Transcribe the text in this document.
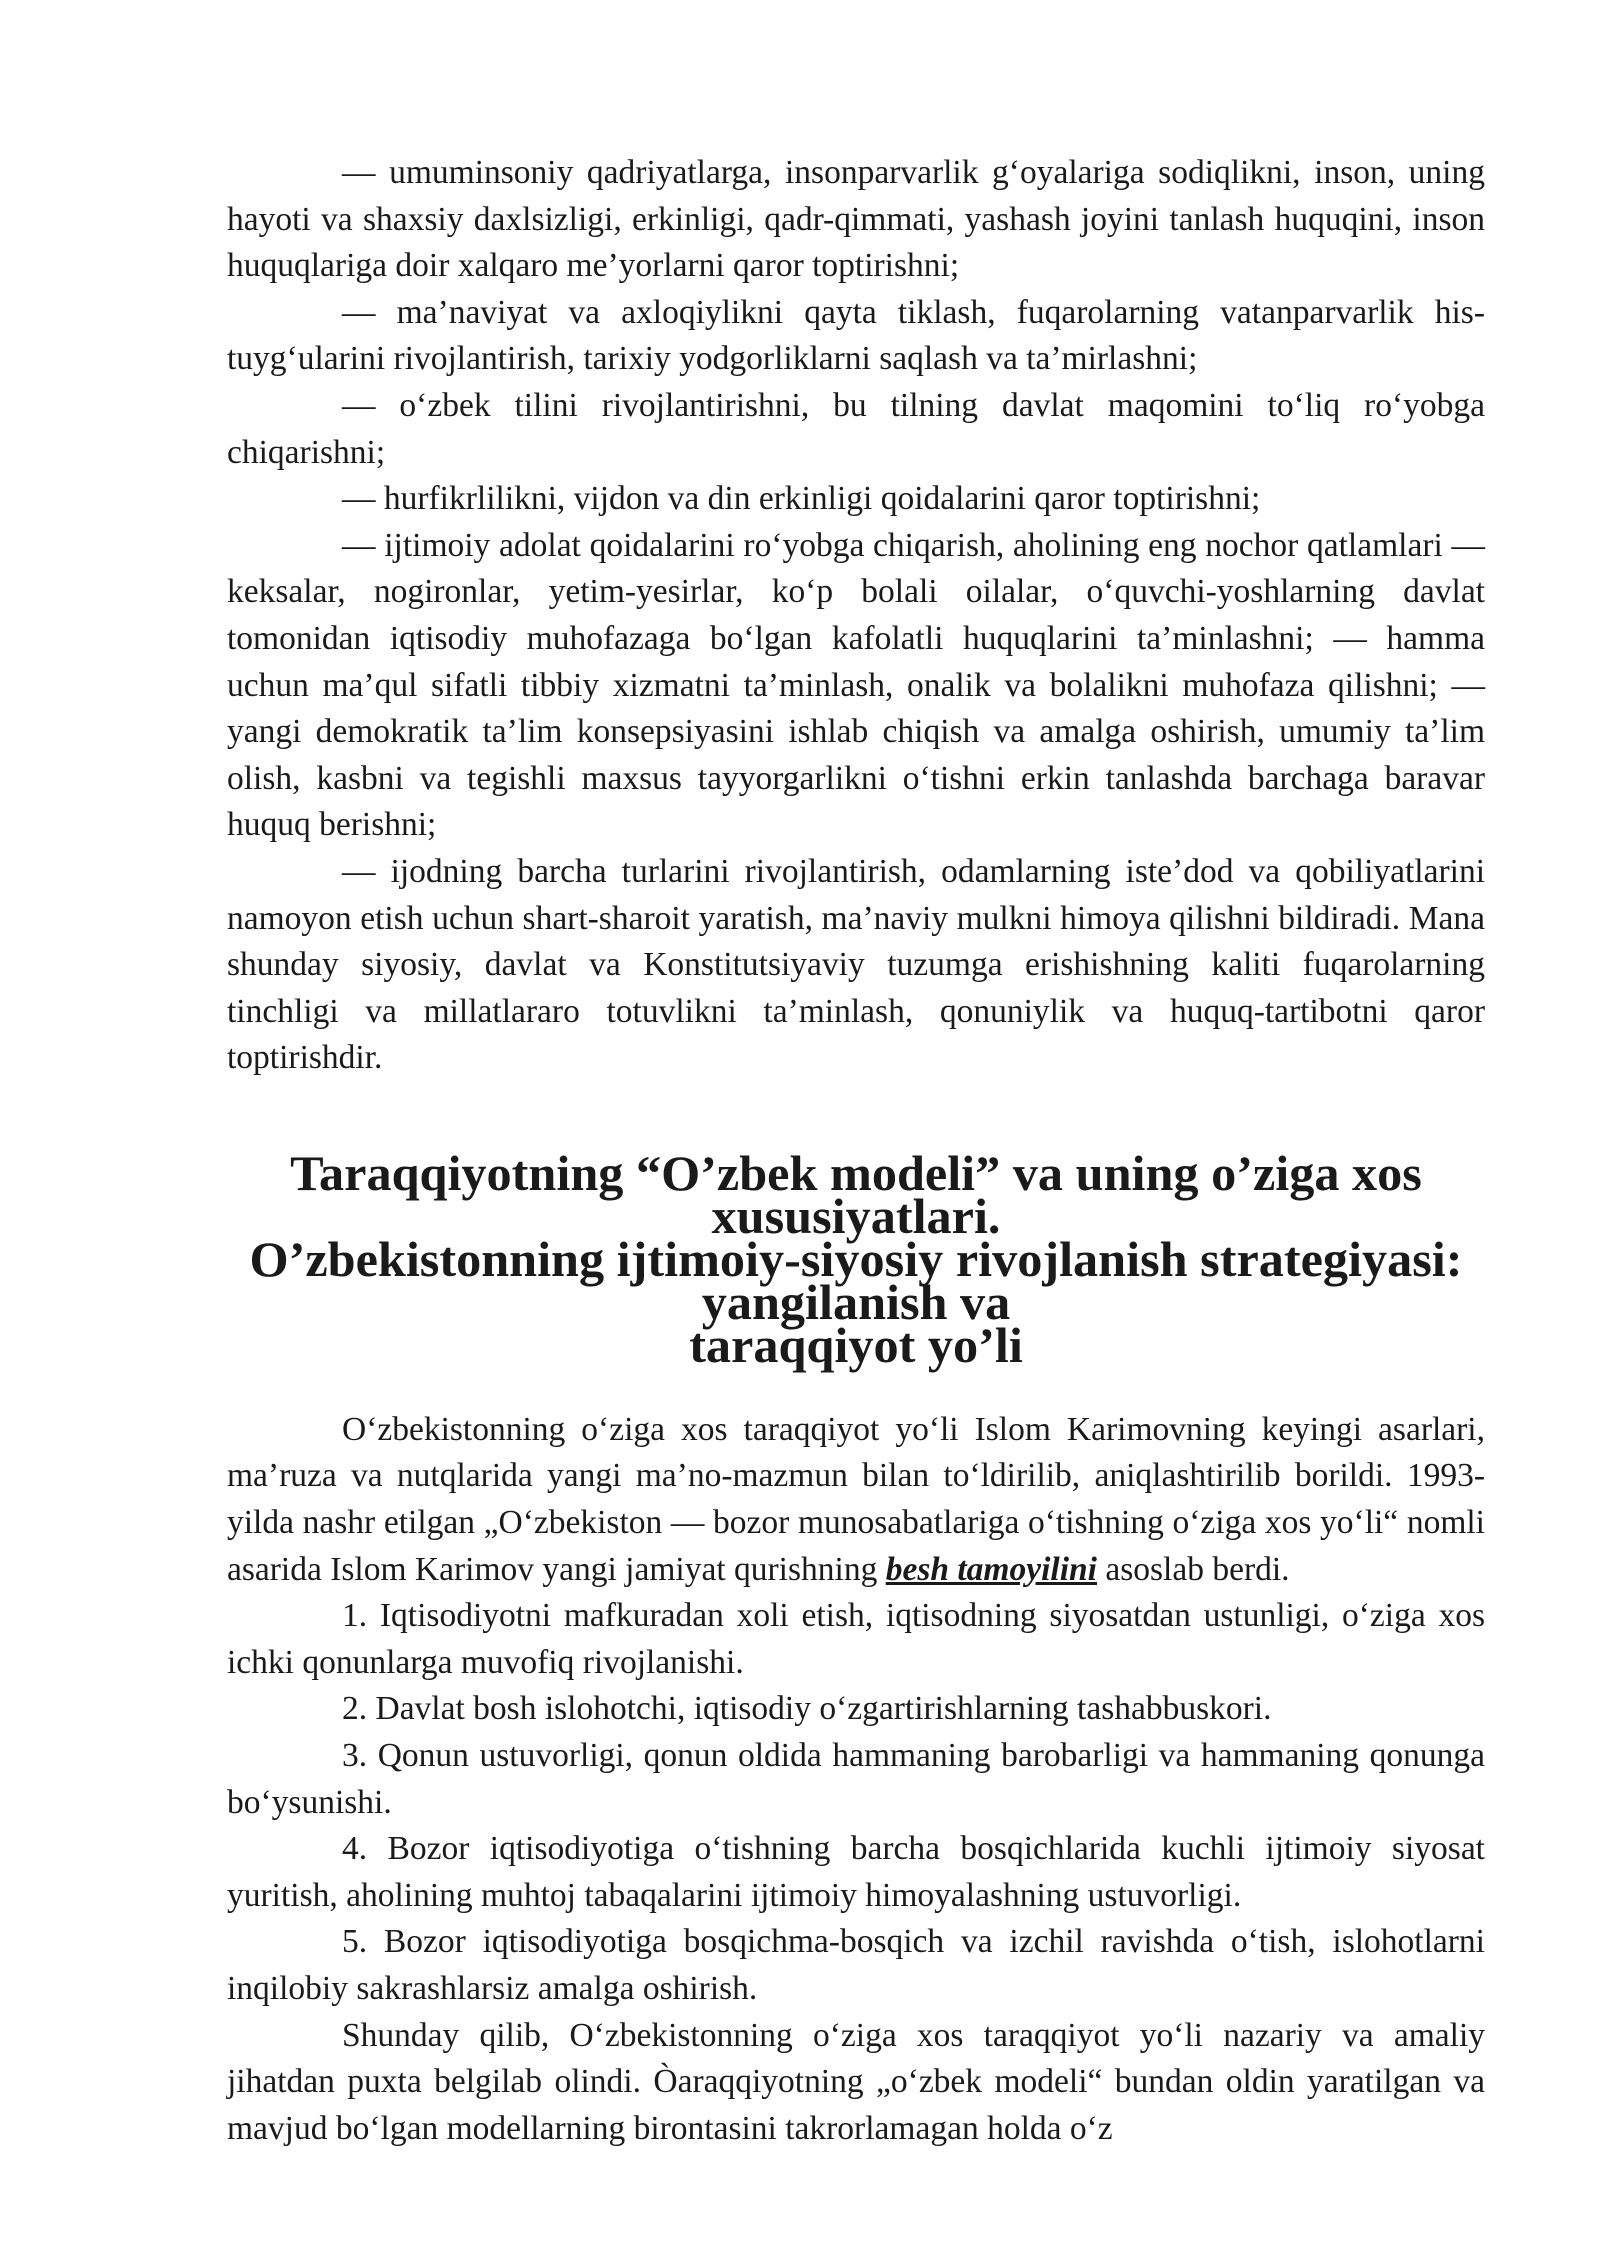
— umuminsoniy qadriyatlarga, insonparvarlik g‘oyalariga sodiqlikni, inson, uning hayoti va shaxsiy daxlsizligi, erkinligi, qadr-qimmati, yashash joyini tanlash huquqini, inson huquqlariga doir xalqaro me’yorlarni qaror toptirishni;

— ma’naviyat va axloqiylikni qayta tiklash, fuqarolarning vatanparvarlik his-tuyg‘ularini rivojlantirish, tarixiy yodgorliklarni saqlash va ta’mirlashni;

— o‘zbek tilini rivojlantirishni, bu tilning davlat maqomini to‘liq ro‘yobga chiqarishni;

— hurfikrlilikni, vijdon va din erkinligi qoidalarini qaror toptirishni;

— ijtimoiy adolat qoidalarini ro‘yobga chiqarish, aholining eng nochor qatlamlari — keksalar, nogironlar, yetim-yesirlar, ko‘p bolali oilalar, o‘quvchi-yoshlarning davlat tomonidan iqtisodiy muhofazaga bo‘lgan kafolatli huquqlarini ta’minlashni; — hamma uchun ma’qul sifatli tibbiy xizmatni ta’minlash, onalik va bolalikni muhofaza qilishni; — yangi demokratik ta’lim konsepsiyasini ishlab chiqish va amalga oshirish, umumiy ta’lim olish, kasbni va tegishli maxsus tayyorgarlikni o‘tishni erkin tanlashda barchaga baravar huquq berishni;

— ijodning barcha turlarini rivojlantirish, odamlarning iste’dod va qobiliyatlarini namoyon etish uchun shart-sharoit yaratish, ma’naviy mulkni himoya qilishni bildiradi. Mana shunday siyosiy, davlat va Konstitutsiyaviy tuzumga erishishning kaliti fuqarolarning tinchligi va millatlararo totuvlikni ta’minlash, qonuniylik va huquq-tartibotni qaror toptirishdir.

Taraqqiyotning “O’zbek modeli” va uning o’ziga xos xususiyatlari.
O’zbekistonning ijtimoiy-siyosiy rivojlanish strategiyasi: yangilanish va
taraqqiyot yo’li

O‘zbekistonning o‘ziga xos taraqqiyot yo‘li Islom Karimovning keyingi asarlari, ma’ruza va nutqlarida yangi ma’no-mazmun bilan to‘ldirilib, aniqlashtirilib borildi. 1993- yilda nashr etilgan „O‘zbekiston — bozor munosabatlariga o‘tishning o‘ziga xos yo‘li“ nomli asarida Islom Karimov yangi jamiyat qurishning besh tamoyilini asoslab berdi.

1. Iqtisodiyotni mafkuradan xoli etish, iqtisodning siyosatdan ustunligi, o‘ziga xos ichki qonunlarga muvofiq rivojlanishi.

2. Davlat bosh islohotchi, iqtisodiy o‘zgartirishlarning tashabbuskori.

3. Qonun ustuvorligi, qonun oldida hammaning barobarligi va hammaning qonunga bo‘ysunishi.

4. Bozor iqtisodiyotiga o‘tishning barcha bosqichlarida kuchli ijtimoiy siyosat yuritish, aholining muhtoj tabaqalarini ijtimoiy himoyalashning ustuvorligi.

5. Bozor iqtisodiyotiga bosqichma-bosqich va izchil ravishda o‘tish, islohotlarni inqilobiy sakrashlarsiz amalga oshirish.

Shunday qilib, O‘zbekistonning o‘ziga xos taraqqiyot yo‘li nazariy va amaliy jihatdan puxta belgilab olindi. Òaraqqiyotning „o‘zbek modeli“ bundan oldin yaratilgan va mavjud bo‘lgan modellarning birontasini takrorlamagan holda o‘z
